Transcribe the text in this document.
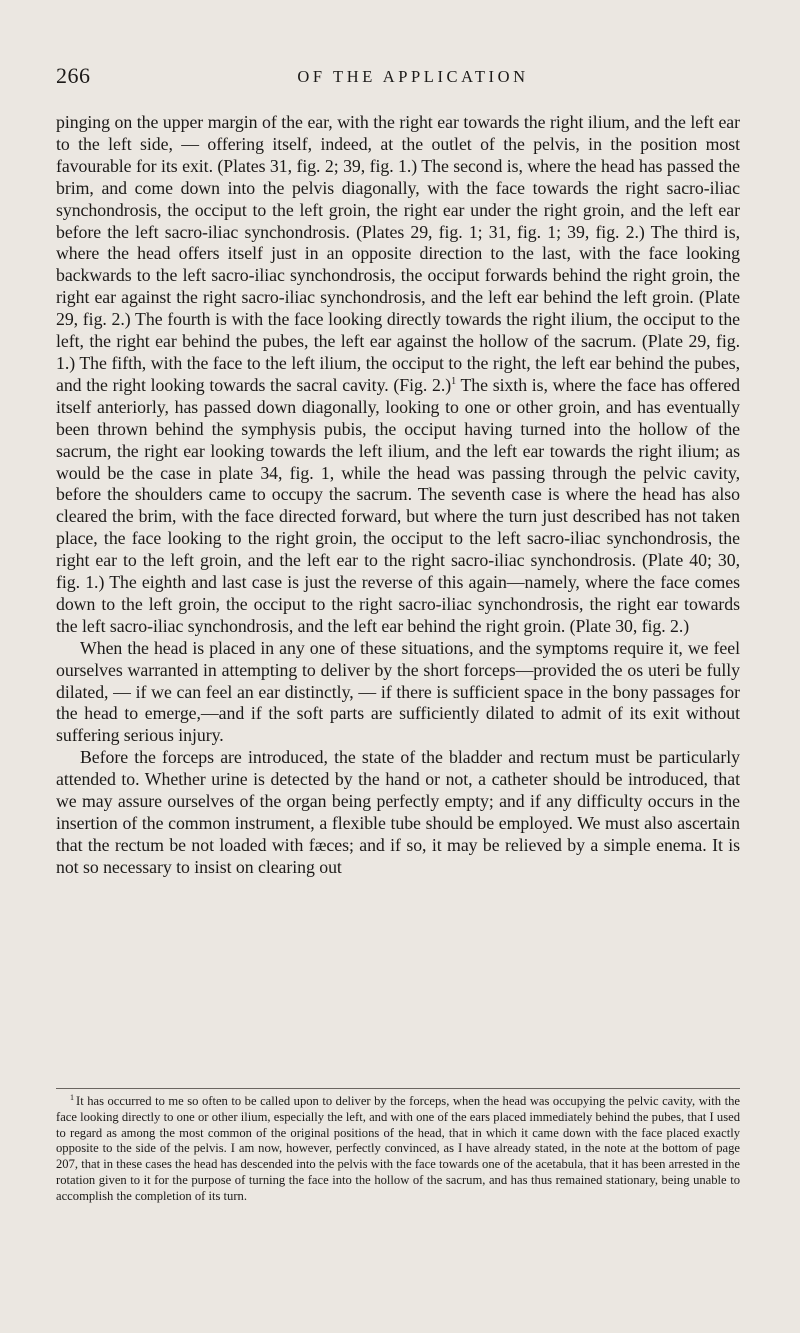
266	OF THE APPLICATION

pinging on the upper margin of the ear, with the right ear towards the right ilium, and the left ear to the left side, — offering itself, indeed, at the outlet of the pelvis, in the position most favourable for its exit. (Plates 31, fig. 2; 39, fig. 1.) The second is, where the head has passed the brim, and come down into the pelvis diagonally, with the face towards the right sacro-iliac synchondrosis, the occiput to the left groin, the right ear under the right groin, and the left ear before the left sacro-iliac synchondrosis. (Plates 29, fig. 1; 31, fig. 1; 39, fig. 2.) The third is, where the head offers itself just in an opposite direction to the last, with the face looking backwards to the left sacro-iliac synchondrosis, the occiput forwards behind the right groin, the right ear against the right sacro-iliac synchondrosis, and the left ear behind the left groin. (Plate 29, fig. 2.) The fourth is with the face looking directly towards the right ilium, the occiput to the left, the right ear behind the pubes, the left ear against the hollow of the sacrum. (Plate 29, fig. 1.) The fifth, with the face to the left ilium, the occiput to the right, the left ear behind the pubes, and the right looking towards the sacral cavity. (Fig. 2.)$^1$ The sixth is, where the face has offered itself anteriorly, has passed down diagonally, looking to one or other groin, and has eventually been thrown behind the symphysis pubis, the occiput having turned into the hollow of the sacrum, the right ear looking towards the left ilium, and the left ear towards the right ilium; as would be the case in plate 34, fig. 1, while the head was passing through the pelvic cavity, before the shoulders came to occupy the sacrum. The seventh case is where the head has also cleared the brim, with the face directed forward, but where the turn just described has not taken place, the face looking to the right groin, the occiput to the left sacro-iliac synchondrosis, the right ear to the left groin, and the left ear to the right sacro-iliac synchondrosis. (Plate 40; 30, fig. 1.) The eighth and last case is just the reverse of this again—namely, where the face comes down to the left groin, the occiput to the right sacro-iliac synchondrosis, the right ear towards the left sacro-iliac synchondrosis, and the left ear behind the right groin. (Plate 30, fig. 2.)

When the head is placed in any one of these situations, and the symptoms require it, we feel ourselves warranted in attempting to deliver by the short forceps—provided the os uteri be fully dilated, — if we can feel an ear distinctly, — if there is sufficient space in the bony passages for the head to emerge,—and if the soft parts are sufficiently dilated to admit of its exit without suffering serious injury.

Before the forceps are introduced, the state of the bladder and rectum must be particularly attended to. Whether urine is detected by the hand or not, a catheter should be introduced, that we may assure ourselves of the organ being perfectly empty; and if any difficulty occurs in the insertion of the common instrument, a flexible tube should be employed. We must also ascertain that the rectum be not loaded with fæces; and if so, it may be relieved by a simple enema. It is not so necessary to insist on clearing out

$^1$ It has occurred to me so often to be called upon to deliver by the forceps, when the head was occupying the pelvic cavity, with the face looking directly to one or other ilium, especially the left, and with one of the ears placed immediately behind the pubes, that I used to regard as among the most common of the original positions of the head, that in which it came down with the face placed exactly opposite to the side of the pelvis. I am now, however, perfectly convinced, as I have already stated, in the note at the bottom of page 207, that in these cases the head has descended into the pelvis with the face towards one of the acetabula, that it has been arrested in the rotation given to it for the purpose of turning the face into the hollow of the sacrum, and has thus remained stationary, being unable to accomplish the completion of its turn.
